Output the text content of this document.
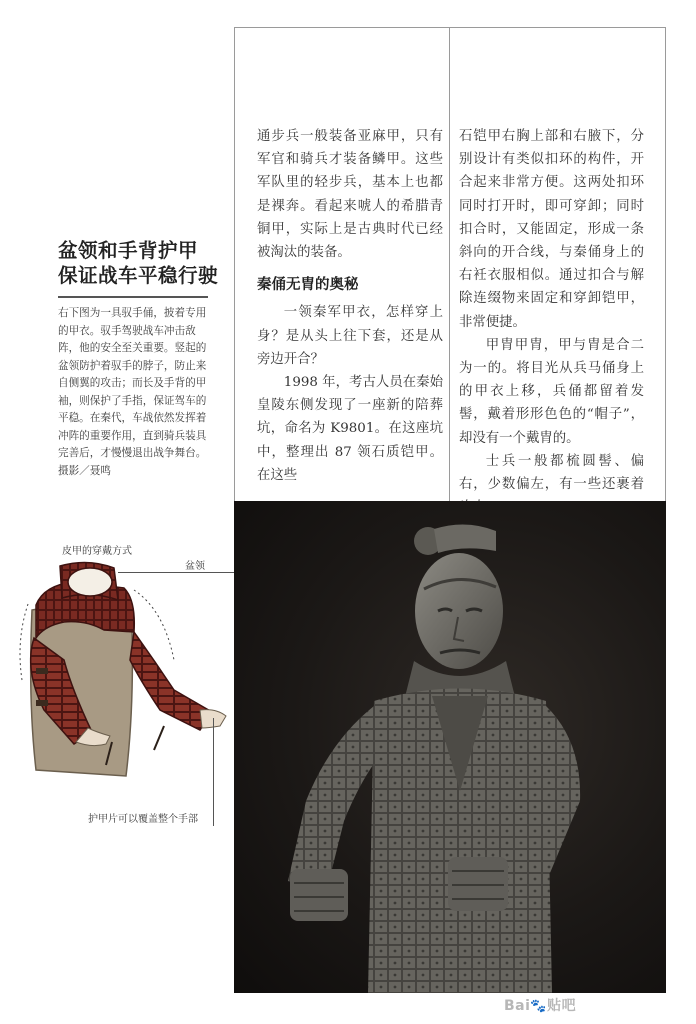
通步兵一般装备亚麻甲，只有军官和骑兵才装备鳞甲。这些军队里的轻步兵，基本上也都是裸奔。看起来唬人的希腊青铜甲，实际上是古典时代已经被淘汰的装备。

秦俑无胄的奥秘

一领秦军甲衣，怎样穿上身？是从头上往下套，还是从旁边开合？

1998 年，考古人员在秦始皇陵东侧发现了一座新的陪葬坑，命名为 K9801。在这座坑中，整理出 87 领石质铠甲。在这些

石铠甲右胸上部和右腋下，分别设计有类似扣环的构件，开合起来非常方便。这两处扣环同时打开时，即可穿卸；同时扣合时，又能固定，形成一条斜向的开合线，与秦俑身上的右衽衣服相似。通过扣合与解除连缀物来固定和穿卸铠甲，非常便捷。

甲胄甲胄，甲与胄是合二为一的。将目光从兵马俑身上的甲衣上移，兵俑都留着发髻，戴着形形色色的“帽子”，却没有一个戴胄的。

士兵一般都梳圆髻、偏右，少数偏左，有一些还裹着

盆领和手背护甲
保证战车平稳行驶
右下图为一具驭手俑，披着专用的甲衣。驭手驾驶战车冲击敌阵，他的安全至关重要。竖起的盆领防护着驭手的脖子，防止来自侧翼的攻击；而长及手背的甲袖，则保护了手指，保证驾车的平稳。在秦代，车战依然发挥着冲阵的重要作用，直到骑兵装具完善后，才慢慢退出战争舞台。
摄影／聂鸣
皮甲的穿戴方式
盆领
护甲片可以覆盖整个手部
Bai🐾贴吧
